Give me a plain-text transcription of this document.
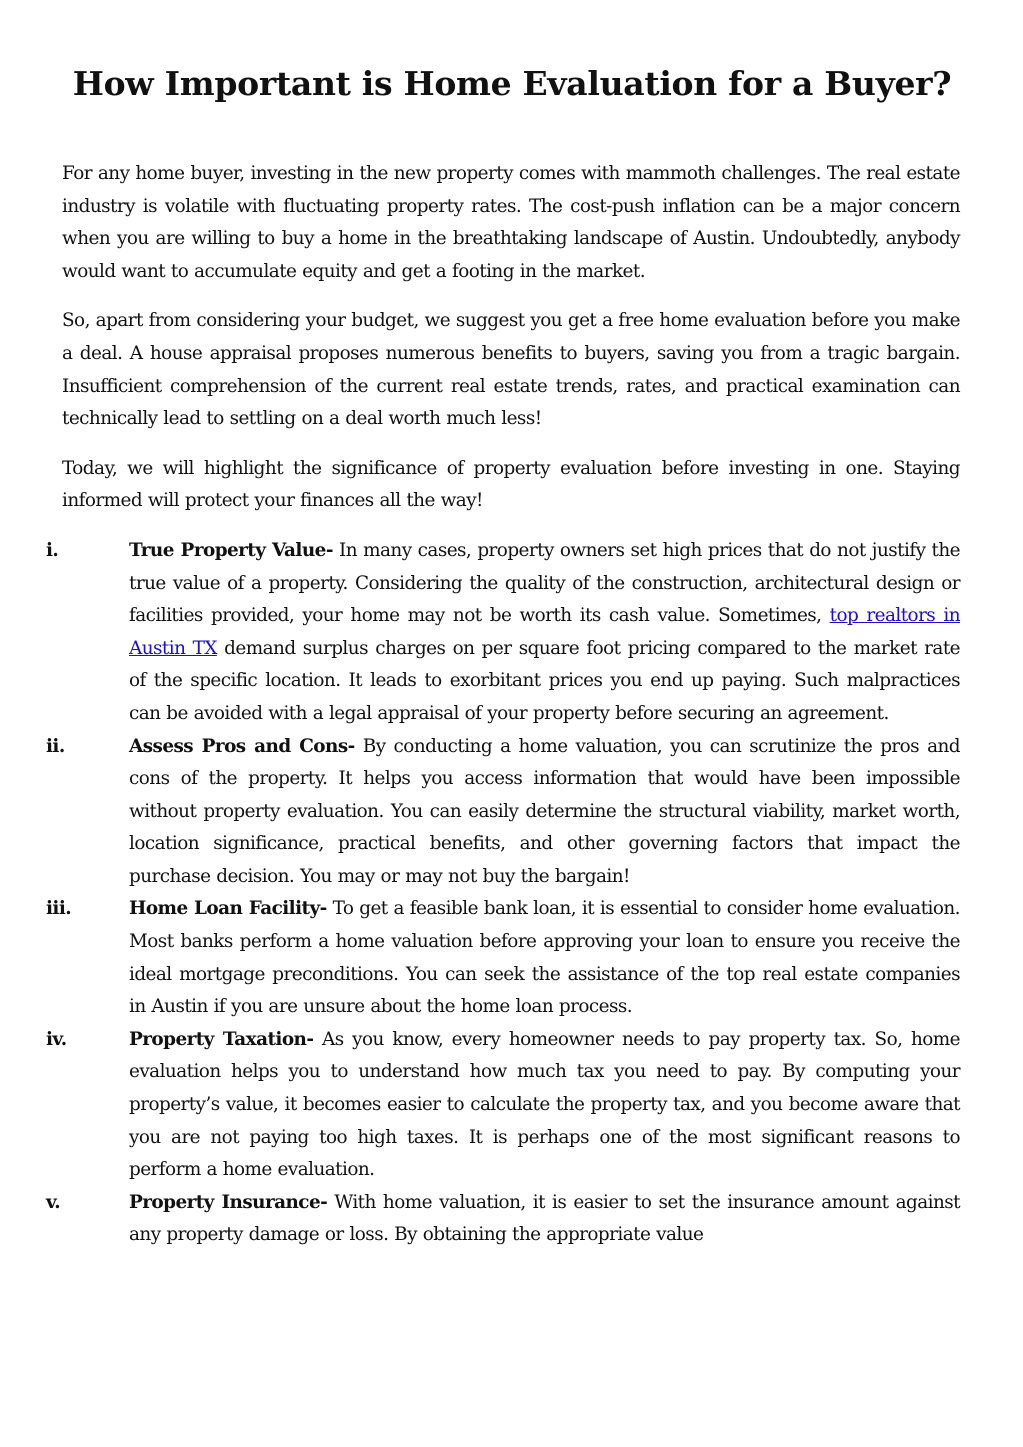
How Important is Home Evaluation for a Buyer?

For any home buyer, investing in the new property comes with mammoth challenges. The real estate industry is volatile with fluctuating property rates. The cost-push inflation can be a major concern when you are willing to buy a home in the breathtaking landscape of Austin. Undoubtedly, anybody would want to accumulate equity and get a footing in the market.

So, apart from considering your budget, we suggest you get a free home evaluation before you make a deal. A house appraisal proposes numerous benefits to buyers, saving you from a tragic bargain. Insufficient comprehension of the current real estate trends, rates, and practical examination can technically lead to settling on a deal worth much less!

Today, we will highlight the significance of property evaluation before investing in one. Staying informed will protect your finances all the way!

i.	True Property Value- In many cases, property owners set high prices that do not justify the true value of a property. Considering the quality of the construction, architectural design or facilities provided, your home may not be worth its cash value. Sometimes, top realtors in Austin TX demand surplus charges on per square foot pricing compared to the market rate of the specific location. It leads to exorbitant prices you end up paying. Such malpractices can be avoided with a legal appraisal of your property before securing an agreement.
ii.	Assess Pros and Cons- By conducting a home valuation, you can scrutinize the pros and cons of the property. It helps you access information that would have been impossible without property evaluation. You can easily determine the structural viability, market worth, location significance, practical benefits, and other governing factors that impact the purchase decision. You may or may not buy the bargain!
iii.	Home Loan Facility- To get a feasible bank loan, it is essential to consider home evaluation. Most banks perform a home valuation before approving your loan to ensure you receive the ideal mortgage preconditions. You can seek the assistance of the top real estate companies in Austin if you are unsure about the home loan process.
iv.	Property Taxation- As you know, every homeowner needs to pay property tax. So, home evaluation helps you to understand how much tax you need to pay. By computing your property’s value, it becomes easier to calculate the property tax, and you become aware that you are not paying too high taxes. It is perhaps one of the most significant reasons to perform a home evaluation.
v.	Property Insurance- With home valuation, it is easier to set the insurance amount against any property damage or loss. By obtaining the appropriate value
